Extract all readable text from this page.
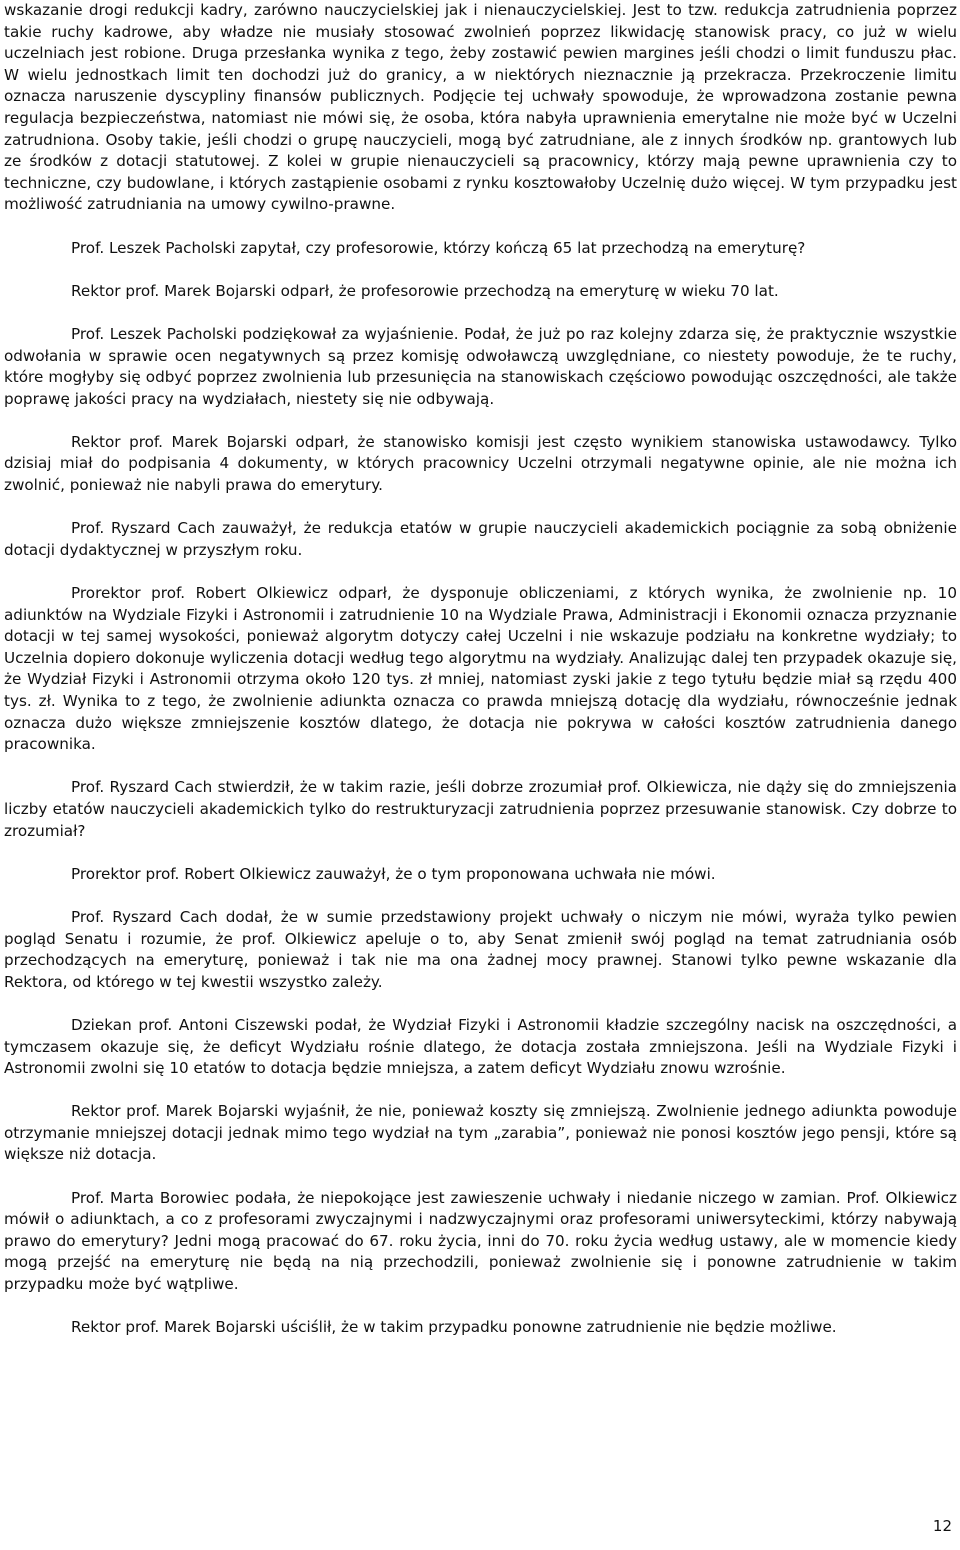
wskazanie drogi redukcji kadry, zarówno nauczycielskiej jak i nienauczycielskiej. Jest to tzw. redukcja zatrudnienia poprzez takie ruchy kadrowe, aby władze nie musiały stosować zwolnień poprzez likwidację stanowisk pracy, co już w wielu uczelniach jest robione. Druga przesłanka wynika z tego, żeby zostawić pewien margines jeśli chodzi o limit funduszu płac. W wielu jednostkach limit ten dochodzi już do granicy, a w niektórych nieznacznie ją przekracza. Przekroczenie limitu oznacza naruszenie dyscypliny finansów publicznych. Podjęcie tej uchwały spowoduje, że wprowadzona zostanie pewna regulacja bezpieczeństwa, natomiast nie mówi się, że osoba, która nabyła uprawnienia emerytalne nie może być w Uczelni zatrudniona. Osoby takie, jeśli chodzi o grupę nauczycieli, mogą być zatrudniane, ale z innych środków np. grantowych lub ze środków z dotacji statutowej. Z kolei w grupie nienauczycieli są pracownicy, którzy mają pewne uprawnienia czy to techniczne, czy budowlane, i których zastąpienie osobami z rynku kosztowałoby Uczelnię dużo więcej. W tym przypadku jest możliwość zatrudniania na umowy cywilno-prawne.

Prof. Leszek Pacholski zapytał, czy profesorowie, którzy kończą 65 lat przechodzą na emeryturę?

Rektor prof. Marek Bojarski odparł, że profesorowie przechodzą na emeryturę w wieku 70 lat.

Prof. Leszek Pacholski podziękował za wyjaśnienie. Podał, że już po raz kolejny zdarza się, że praktycznie wszystkie odwołania w sprawie ocen negatywnych są przez komisję odwoławczą uwzględniane, co niestety powoduje, że te ruchy, które mogłyby się odbyć poprzez zwolnienia lub przesunięcia na stanowiskach częściowo powodując oszczędności, ale także poprawę jakości pracy na wydziałach, niestety się nie odbywają.

Rektor prof. Marek Bojarski odparł, że stanowisko komisji jest często wynikiem stanowiska ustawodawcy. Tylko dzisiaj miał do podpisania 4 dokumenty, w których pracownicy Uczelni otrzymali negatywne opinie, ale nie można ich zwolnić, ponieważ nie nabyli prawa do emerytury.

Prof. Ryszard Cach zauważył, że redukcja etatów w grupie nauczycieli akademickich pociągnie za sobą obniżenie dotacji dydaktycznej w przyszłym roku.

Prorektor prof. Robert Olkiewicz odparł, że dysponuje obliczeniami, z których wynika, że zwolnienie np. 10 adiunktów na Wydziale Fizyki i Astronomii i zatrudnienie 10 na Wydziale Prawa, Administracji i Ekonomii oznacza przyznanie dotacji w tej samej wysokości, ponieważ algorytm dotyczy całej Uczelni i nie wskazuje podziału na konkretne wydziały; to Uczelnia dopiero dokonuje wyliczenia dotacji według tego algorytmu na wydziały. Analizując dalej ten przypadek okazuje się, że Wydział Fizyki i Astronomii otrzyma około 120 tys. zł mniej, natomiast zyski jakie z tego tytułu będzie miał są rzędu 400 tys. zł. Wynika to z tego, że zwolnienie adiunkta oznacza co prawda mniejszą dotację dla wydziału, równocześnie jednak oznacza dużo większe zmniejszenie kosztów dlatego, że dotacja nie pokrywa w całości kosztów zatrudnienia danego pracownika.

Prof. Ryszard Cach stwierdził, że w takim razie, jeśli dobrze zrozumiał prof. Olkiewicza, nie dąży się do zmniejszenia liczby etatów nauczycieli akademickich tylko do restrukturyzacji zatrudnienia poprzez przesuwanie stanowisk. Czy dobrze to zrozumiał?

Prorektor prof. Robert Olkiewicz zauważył, że o tym proponowana uchwała nie mówi.

Prof. Ryszard Cach dodał, że w sumie przedstawiony projekt uchwały o niczym nie mówi, wyraża tylko pewien pogląd Senatu i rozumie, że prof. Olkiewicz apeluje o to, aby Senat zmienił swój pogląd na temat zatrudniania osób przechodzących na emeryturę, ponieważ i tak nie ma ona żadnej mocy prawnej. Stanowi tylko pewne wskazanie dla Rektora, od którego w tej kwestii wszystko zależy.

Dziekan prof. Antoni Ciszewski podał, że Wydział Fizyki i Astronomii kładzie szczególny nacisk na oszczędności, a tymczasem okazuje się, że deficyt Wydziału rośnie dlatego, że dotacja została zmniejszona. Jeśli na Wydziale Fizyki i Astronomii zwolni się 10 etatów to dotacja będzie mniejsza, a zatem deficyt Wydziału znowu wzrośnie.

Rektor prof. Marek Bojarski wyjaśnił, że nie, ponieważ koszty się zmniejszą. Zwolnienie jednego adiunkta powoduje otrzymanie mniejszej dotacji jednak mimo tego wydział na tym „zarabia”, ponieważ nie ponosi kosztów jego pensji, które są większe niż dotacja.

Prof. Marta Borowiec podała, że niepokojące jest zawieszenie uchwały i niedanie niczego w zamian. Prof. Olkiewicz mówił o adiunktach, a co z profesorami zwyczajnymi i nadzwyczajnymi oraz profesorami uniwersyteckimi, którzy nabywają prawo do emerytury? Jedni mogą pracować do 67. roku życia, inni do 70. roku życia według ustawy, ale w momencie kiedy mogą przejść na emeryturę nie będą na nią przechodzili, ponieważ zwolnienie się i ponowne zatrudnienie w takim przypadku może być wątpliwe.

Rektor prof. Marek Bojarski uściślił, że w takim przypadku ponowne zatrudnienie nie będzie możliwe.

12
